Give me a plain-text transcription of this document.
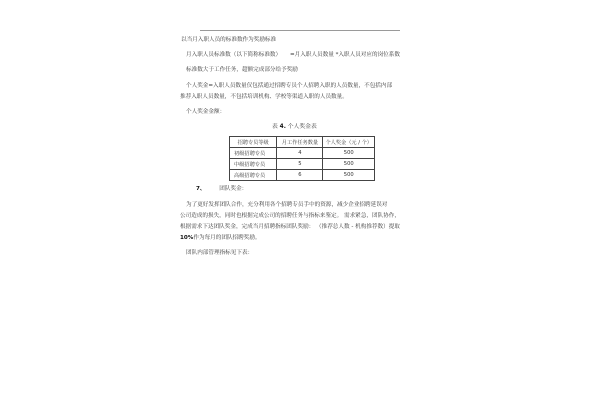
以当月入职人员的标准数作为奖励标准
月入职人员标准数（以下简称标准数） =月入职人员数量 *入职人员对应的岗位系数
标准数大于工作任务，超额完成部分给予奖励
个人奖金=入职人员数量仅包括通过招聘专员个人招聘入职的人员数量，不包括内部
推荐入职人员数量，不包括培训机构、学校等渠道入职的人员数量。
个人奖金金额：
表 4. 个人奖金表
招聘专员等级	月工作任务数量	个人奖金（元 / 个）
初级招聘专员	4	500
中级招聘专员	5	500
高级招聘专员	6	500
7、 团队奖金：
为了更好发挥团队合作，充分利用各个招聘专员手中的资源，减少企业招聘延误对
公司造成的损失，同时也根据完成公司的招聘任务与指标来鉴定。 需求紧急，团队协作，
根据需求下达团队奖金，完成当月招聘指标团队奖励： （推荐总人数 - 机构推荐数）提取
10%作为每月的团队招聘奖励。
团队内部管理指标见下表：
